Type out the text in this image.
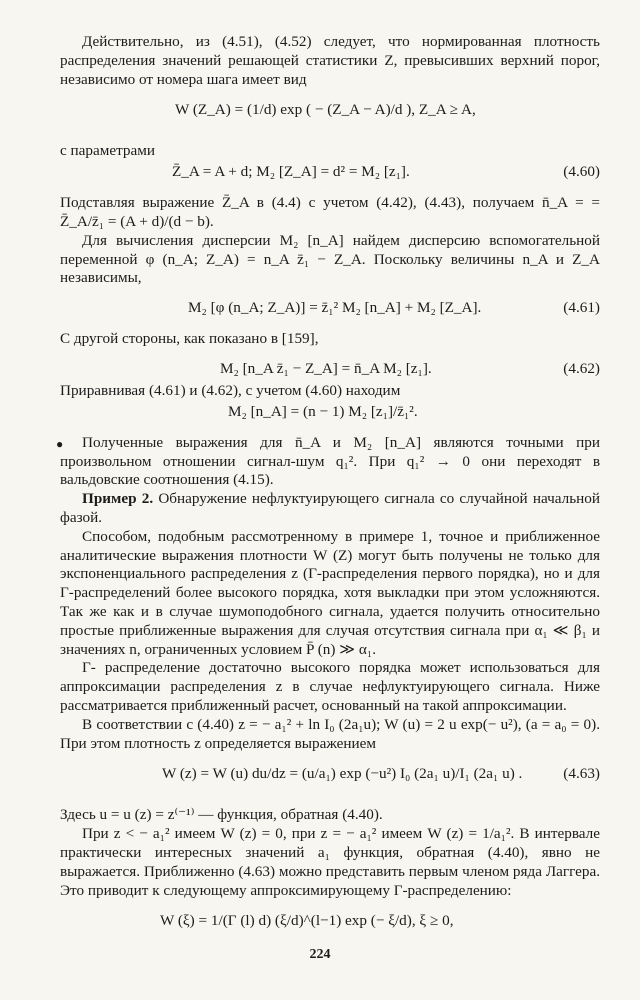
Действительно, из (4.51), (4.52) следует, что нормированная плотность распределения значений решающей статистики Z, превысивших верхний порог, независимо от номера шага имеет вид

W (Z_A) = (1/d) exp ( − (Z_A − A)/d ), Z_A ≥ A,

с параметрами

Z̄_A = A + d; M₂ [Z_A] = d² = M₂ [z₁].	(4.60)

Подставляя выражение Z̄_A в (4.4) с учетом (4.42), (4.43), получаем n̄_A = = Z̄_A/z̄₁ = (A + d)/(d − b).

Для вычисления дисперсии M₂ [n_A] найдем дисперсию вспомогательной переменной φ (n_A; Z_A) = n_A z̄₁ − Z_A. Поскольку величины n_A и Z_A независимы,

M₂ [φ (n_A; Z_A)] = z̄₁² M₂ [n_A] + M₂ [Z_A].	(4.61)

С другой стороны, как показано в [159],

M₂ [n_A z̄₁ − Z_A] = n̄_A M₂ [z₁].	(4.62)

Приравнивая (4.61) и (4.62), с учетом (4.60) находим

M₂ [n_A] = (n − 1) M₂ [z₁]/z̄₁².
●	Полученные выражения для n̄_A и M₂ [n_A] являются точными при произвольном отношении сигнал-шум q₁². При q₁² → 0 они переходят в вальдовские соотношения (4.15).

Пример 2. Обнаружение нефлуктуирующего сигнала со случайной начальной фазой.

Способом, подобным рассмотренному в примере 1, точное и приближенное аналитические выражения плотности W (Z) могут быть получены не только для экспоненциального распределения z (Г-распределения первого порядка), но и для Г-распределений более высокого порядка, хотя выкладки при этом усложняются. Так же как и в случае шумоподобного сигнала, удается получить относительно простые приближенные выражения для случая отсутствия сигнала при α₁ ≪ β₁ и значениях n, ограниченных условием P̄ (n) ≫ α₁.

Г- распределение достаточно высокого порядка может использоваться для аппроксимации распределения z в случае нефлуктуирующего сигнала. Ниже рассматривается приближенный расчет, основанный на такой аппроксимации.

В соответствии с (4.40) z = − a₁² + ln I₀ (2a₁u); W (u) = 2 u exp(− u²), (a = a₀ = 0). При этом плотность z определяется выражением

W (z) = W (u) du/dz = (u/a₁) exp (−u²) I₀ (2a₁ u)/I₁ (2a₁ u) .	(4.63)

Здесь u = u (z) = z⁽⁻¹⁾ — функция, обратная (4.40).

При z < − a₁² имеем W (z) = 0, при z = − a₁² имеем W (z) = 1/a₁². В интервале практически интересных значений a₁ функция, обратная (4.40), явно не выражается. Приближенно (4.63) можно представить первым членом ряда Лаггера. Это приводит к следующему аппроксимирующему Г-распределению:

W (ξ) = 1/(Γ (l) d) (ξ/d)^(l−1) exp (− ξ/d), ξ ≥ 0,
224
